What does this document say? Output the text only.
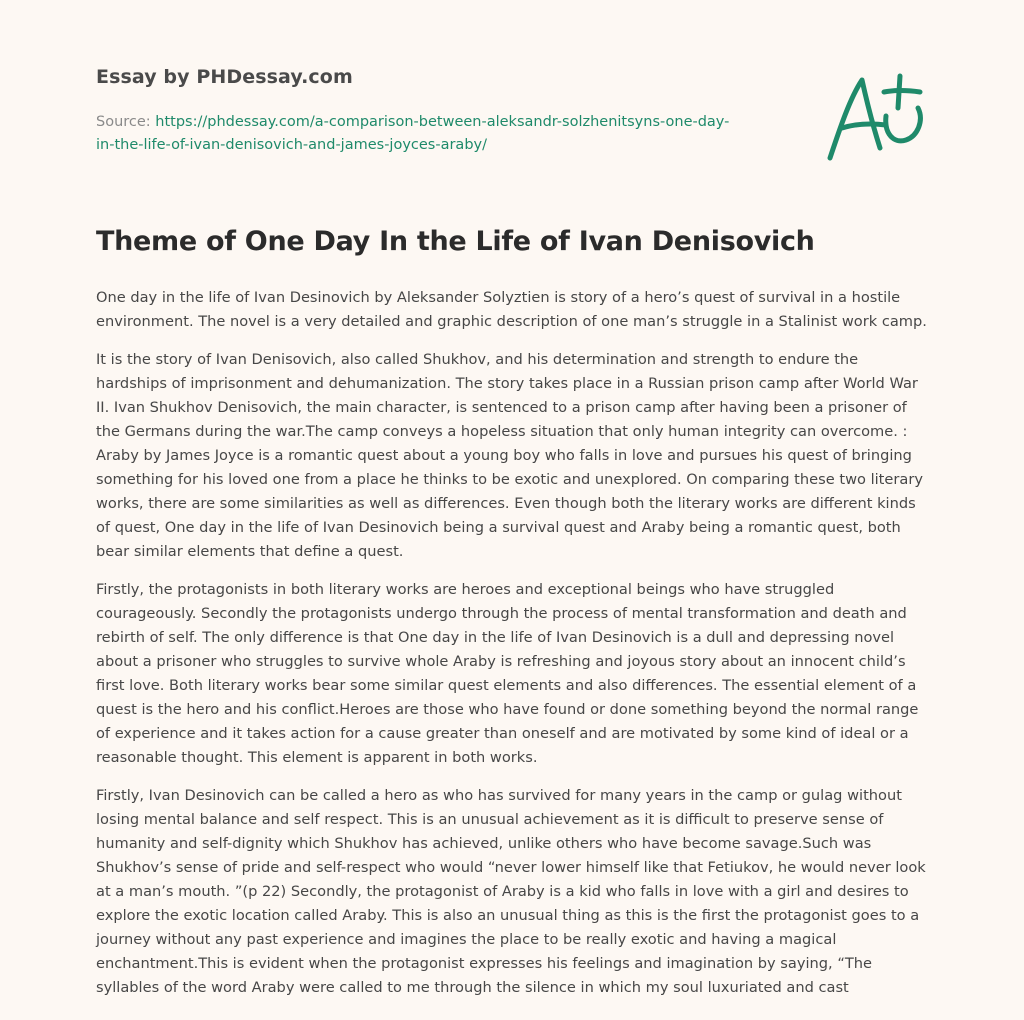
Essay by PHDessay.com
Source: https://phdessay.com/a-comparison-between-aleksandr-solzhenitsyns-one-day-
in-the-life-of-ivan-denisovich-and-james-joyces-araby/
Theme of One Day In the Life of Ivan Denisovich

One day in the life of Ivan Desinovich by Aleksander Solyztien is story of a hero’s quest of survival in a hostile environment. The novel is a very detailed and graphic description of one man’s struggle in a Stalinist work camp.

It is the story of Ivan Denisovich, also called Shukhov, and his determination and strength to endure the hardships of imprisonment and dehumanization. The story takes place in a Russian prison camp after World War II. Ivan Shukhov Denisovich, the main character, is sentenced to a prison camp after having been a prisoner of the Germans during the war.The camp conveys a hopeless situation that only human integrity can overcome. : Araby by James Joyce is a romantic quest about a young boy who falls in love and pursues his quest of bringing something for his loved one from a place he thinks to be exotic and unexplored. On comparing these two literary works, there are some similarities as well as differences. Even though both the literary works are different kinds of quest, One day in the life of Ivan Desinovich being a survival quest and Araby being a romantic quest, both bear similar elements that define a quest.

Firstly, the protagonists in both literary works are heroes and exceptional beings who have struggled courageously. Secondly the protagonists undergo through the process of mental transformation and death and rebirth of self. The only difference is that One day in the life of Ivan Desinovich is a dull and depressing novel about a prisoner who struggles to survive whole Araby is refreshing and joyous story about an innocent child’s first love. Both literary works bear some similar quest elements and also differences. The essential element of a quest is the hero and his conflict.Heroes are those who have found or done something beyond the normal range of experience and it takes action for a cause greater than oneself and are motivated by some kind of ideal or a reasonable thought. This element is apparent in both works.

Firstly, Ivan Desinovich can be called a hero as who has survived for many years in the camp or gulag without losing mental balance and self respect. This is an unusual achievement as it is difficult to preserve sense of humanity and self-dignity which Shukhov has achieved, unlike others who have become savage.Such was Shukhov’s sense of pride and self-respect who would “never lower himself like that Fetiukov, he would never look at a man’s mouth. ”(p 22) Secondly, the protagonist of Araby is a kid who falls in love with a girl and desires to explore the exotic location called Araby. This is also an unusual thing as this is the first the protagonist goes to a journey without any past experience and imagines the place to be really exotic and having a magical enchantment.This is evident when the protagonist expresses his feelings and imagination by saying, “The syllables of the word Araby were called to me through the silence in which my soul luxuriated and cast
